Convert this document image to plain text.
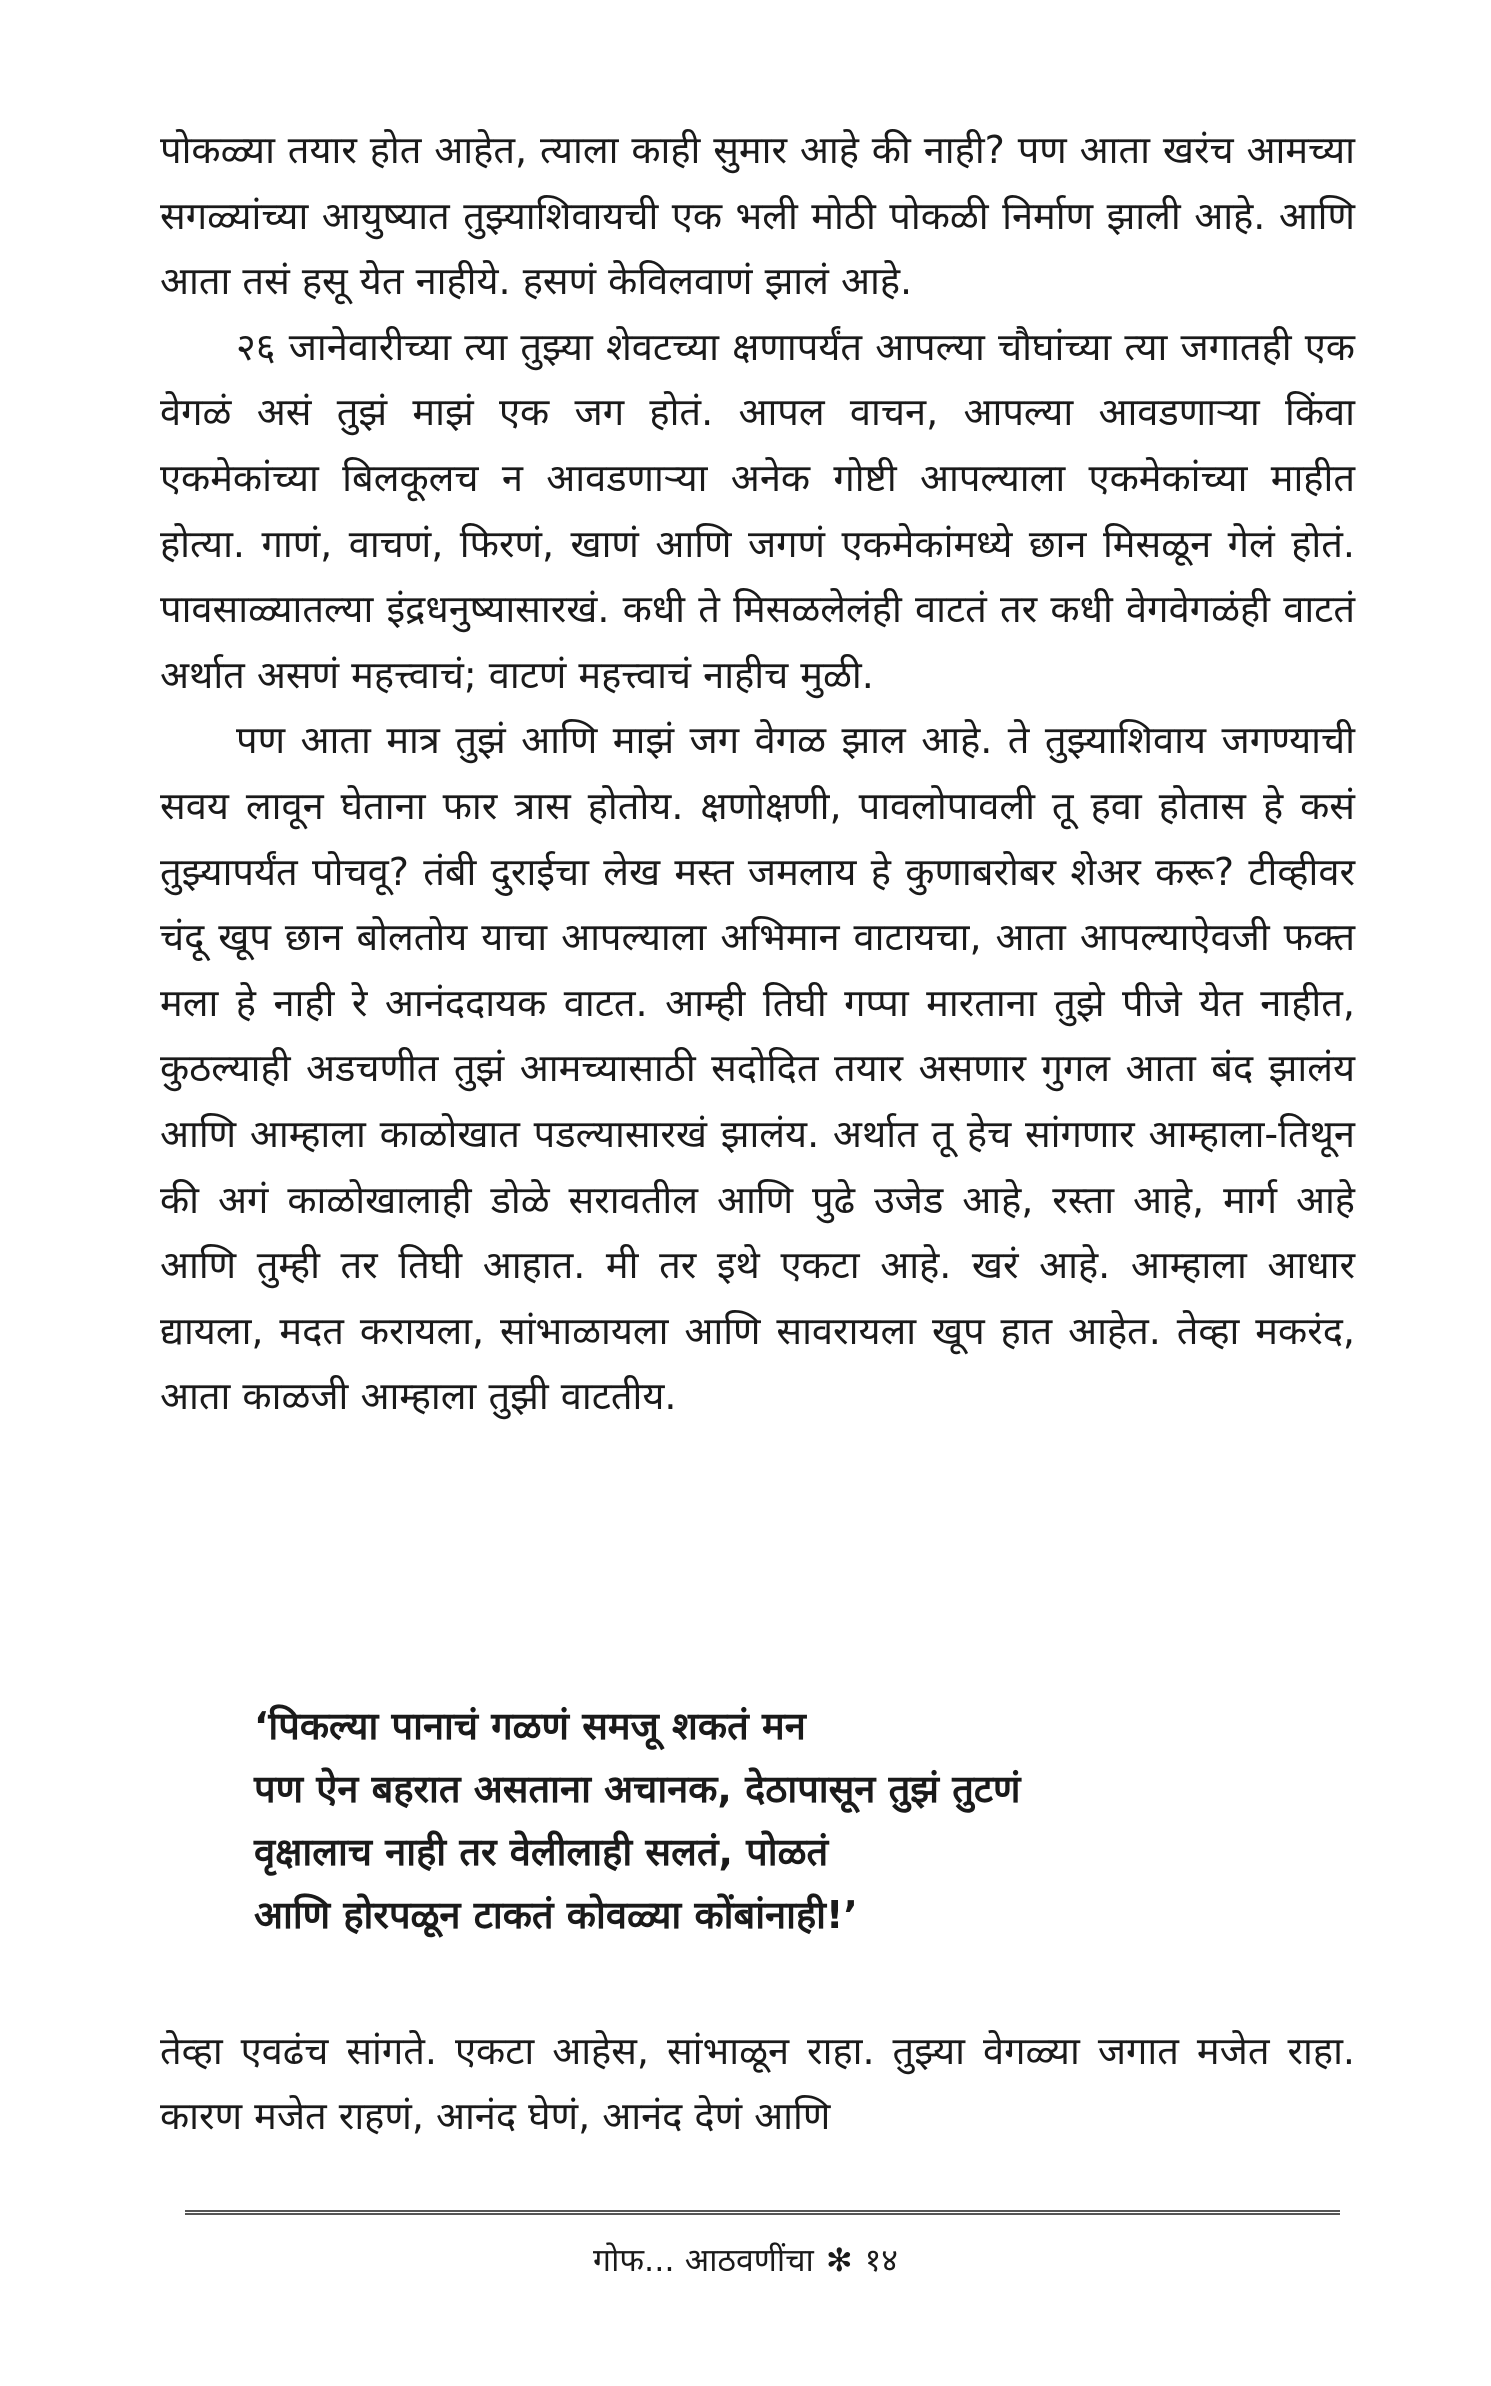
पोकळ्या तयार होत आहेत, त्याला काही सुमार आहे की नाही? पण आता खरंच आमच्या सगळ्यांच्या आयुष्यात तुझ्याशिवायची एक भली मोठी पोकळी निर्माण झाली आहे. आणि आता तसं हसू येत नाहीये. हसणं केविलवाणं झालं आहे.

२६ जानेवारीच्या त्या तुझ्या शेवटच्या क्षणापर्यंत आपल्या चौघांच्या त्या जगातही एक वेगळं असं तुझं माझं एक जग होतं. आपल वाचन, आपल्या आवडणाऱ्या किंवा एकमेकांच्या बिलकूलच न आवडणाऱ्या अनेक गोष्टी आपल्याला एकमेकांच्या माहीत होत्या. गाणं, वाचणं, फिरणं, खाणं आणि जगणं एकमेकांमध्ये छान मिसळून गेलं होतं. पावसाळ्यातल्या इंद्रधनुष्यासारखं. कधी ते मिसळलेलंही वाटतं तर कधी वेगवेगळंही वाटतं अर्थात असणं महत्त्वाचं; वाटणं महत्त्वाचं नाहीच मुळी.

पण आता मात्र तुझं आणि माझं जग वेगळ झाल आहे. ते तुझ्याशिवाय जगण्याची सवय लावून घेताना फार त्रास होतोय. क्षणोक्षणी, पावलोपावली तू हवा होतास हे कसं तुझ्यापर्यंत पोचवू? तंबी दुराईचा लेख मस्त जमलाय हे कुणाबरोबर शेअर करू? टीव्हीवर चंदू खूप छान बोलतोय याचा आपल्याला अभिमान वाटायचा, आता आपल्याऐवजी फक्त मला हे नाही रे आनंददायक वाटत. आम्ही तिघी गप्पा मारताना तुझे पीजे येत नाहीत, कुठल्याही अडचणीत तुझं आमच्यासाठी सदोदित तयार असणार गुगल आता बंद झालंय आणि आम्हाला काळोखात पडल्यासारखं झालंय. अर्थात तू हेच सांगणार आम्हाला-तिथून की अगं काळोखालाही डोळे सरावतील आणि पुढे उजेड आहे, रस्ता आहे, मार्ग आहे आणि तुम्ही तर तिघी आहात. मी तर इथे एकटा आहे. खरं आहे. आम्हाला आधार द्यायला, मदत करायला, सांभाळायला आणि सावरायला खूप हात आहेत. तेव्हा मकरंद, आता काळजी आम्हाला तुझी वाटतीय.

‘पिकल्या पानाचं गळणं समजू शकतं मन
पण ऐन बहरात असताना अचानक, देठापासून तुझं तुटणं
वृक्षालाच नाही तर वेलीलाही सलतं, पोळतं
आणि होरपळून टाकतं कोवळ्या कोंबांनाही!’
तेव्हा एवढंच सांगते. एकटा आहेस, सांभाळून राहा. तुझ्या वेगळ्या जगात मजेत राहा. कारण मजेत राहणं, आनंद घेणं, आनंद देणं आणि
गोफ... आठवणींचा ✻ १४
